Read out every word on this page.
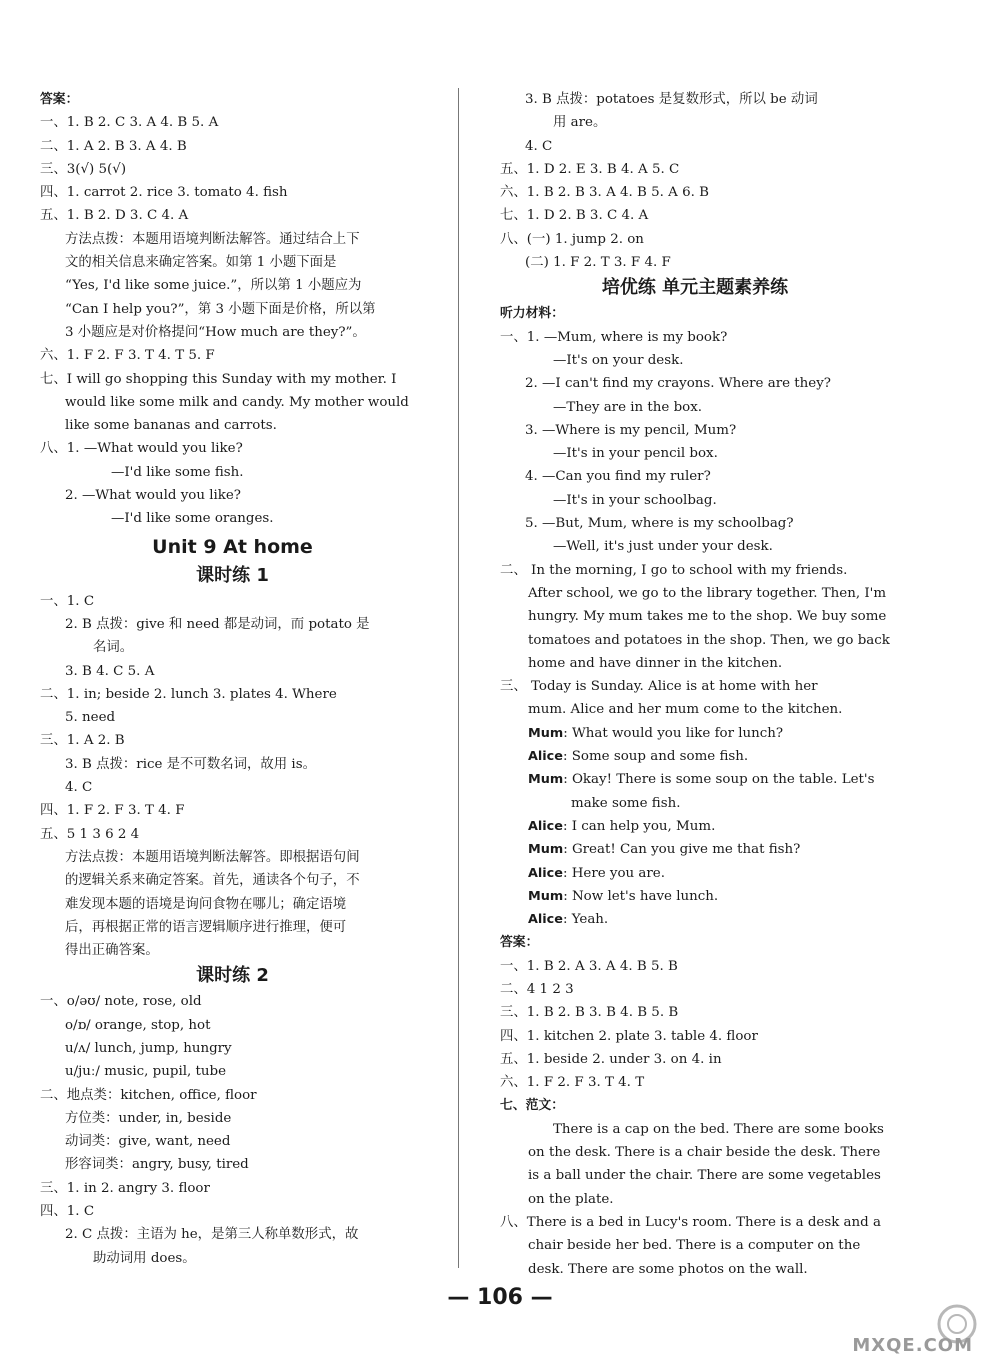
答案：
一、1. B 2. C 3. A 4. B 5. A
二、1. A 2. B 3. A 4. B
三、3(√) 5(√)
四、1. carrot 2. rice 3. tomato 4. fish
五、1. B 2. D 3. C 4. A
方法点拨：本题用语境判断法解答。通过结合上下
文的相关信息来确定答案。如第 1 小题下面是
“Yes, I'd like some juice.”，所以第 1 小题应为
“Can I help you?”，第 3 小题下面是价格，所以第
3 小题应是对价格提问“How much are they?”。
六、1. F 2. F 3. T 4. T 5. F
七、I will go shopping this Sunday with my mother. I
would like some milk and candy. My mother would
like some bananas and carrots.
八、1. —What would you like?
—I'd like some fish.
2. —What would you like?
—I'd like some oranges.
Unit 9 At home
课时练 1
一、1. C
2. B 点拨：give 和 need 都是动词，而 potato 是
名词。
3. B 4. C 5. A
二、1. in; beside 2. lunch 3. plates 4. Where
5. need
三、1. A 2. B
3. B 点拨：rice 是不可数名词，故用 is。
4. C
四、1. F 2. F 3. T 4. F
五、5 1 3 6 2 4
方法点拨：本题用语境判断法解答。即根据语句间
的逻辑关系来确定答案。首先，通读各个句子，不
难发现本题的语境是询问食物在哪儿；确定语境
后，再根据正常的语言逻辑顺序进行推理，便可
得出正确答案。
课时练 2
一、o/əʊ/ note, rose, old
o/ɒ/ orange, stop, hot
u/ʌ/ lunch, jump, hungry
u/juː/ music, pupil, tube
二、地点类：kitchen, office, floor
方位类：under, in, beside
动词类：give, want, need
形容词类：angry, busy, tired
三、1. in 2. angry 3. floor
四、1. C
2. C 点拨：主语为 he，是第三人称单数形式，故
助动词用 does。
3. B 点拨：potatoes 是复数形式，所以 be 动词
用 are。
4. C
五、1. D 2. E 3. B 4. A 5. C
六、1. B 2. B 3. A 4. B 5. A 6. B
七、1. D 2. B 3. C 4. A
八、(一) 1. jump 2. on
(二) 1. F 2. T 3. F 4. F
培优练 单元主题素养练
听力材料：
一、1. —Mum, where is my book?
—It's on your desk.
2. —I can't find my crayons. Where are they?
—They are in the box.
3. —Where is my pencil, Mum?
—It's in your pencil box.
4. —Can you find my ruler?
—It's in your schoolbag.
5. —But, Mum, where is my schoolbag?
—Well, it's just under your desk.
二、 In the morning, I go to school with my friends.
After school, we go to the library together. Then, I'm
hungry. My mum takes me to the shop. We buy some
tomatoes and potatoes in the shop. Then, we go back
home and have dinner in the kitchen.
三、 Today is Sunday. Alice is at home with her
mum. Alice and her mum come to the kitchen.
Mum: What would you like for lunch?
Alice: Some soup and some fish.
Mum: Okay! There is some soup on the table. Let's
make some fish.
Alice: I can help you, Mum.
Mum: Great! Can you give me that fish?
Alice: Here you are.
Mum: Now let's have lunch.
Alice: Yeah.
答案：
一、1. B 2. A 3. A 4. B 5. B
二、4 1 2 3
三、1. B 2. B 3. B 4. B 5. B
四、1. kitchen 2. plate 3. table 4. floor
五、1. beside 2. under 3. on 4. in
六、1. F 2. F 3. T 4. T
七、范文：
There is a cap on the bed. There are some books
on the desk. There is a chair beside the desk. There
is a ball under the chair. There are some vegetables
on the plate.
八、There is a bed in Lucy's room. There is a desk and a
chair beside her bed. There is a computer on the
desk. There are some photos on the wall.
— 106 —
MXQE.COM
